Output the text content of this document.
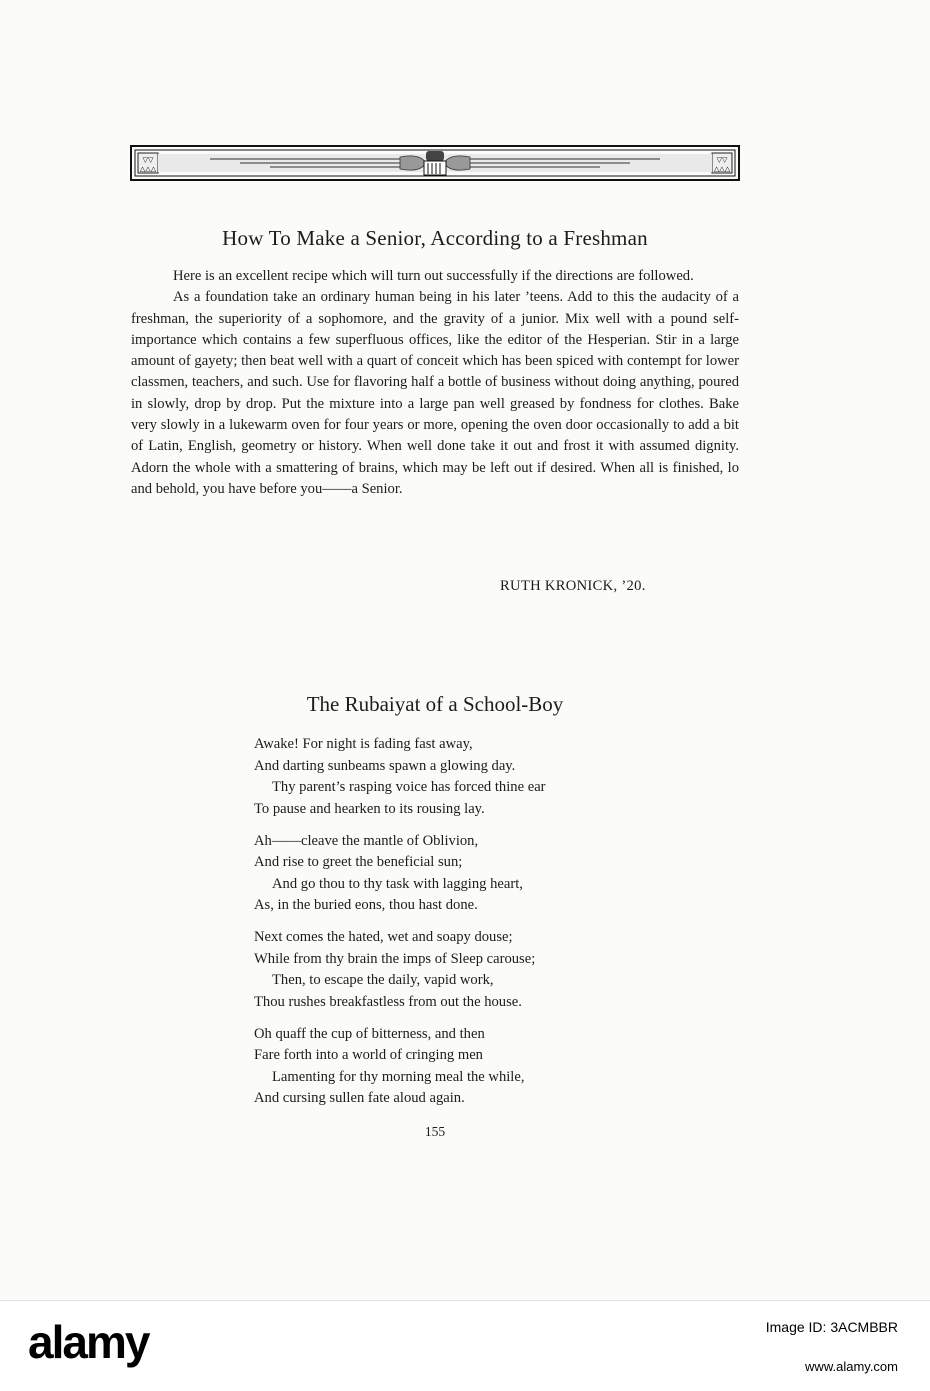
▽▽
△△△
▽▽
△△△
How To Make a Senior, According to a Freshman

Here is an excellent recipe which will turn out successfully if the directions are followed.

As a foundation take an ordinary human being in his later ’teens. Add to this the audacity of a freshman, the superiority of a sophomore, and the gravity of a junior. Mix well with a pound self-importance which contains a few superfluous offices, like the editor of the Hesperian. Stir in a large amount of gayety; then beat well with a quart of conceit which has been spiced with contempt for lower classmen, teachers, and such. Use for flavoring half a bottle of business without doing anything, poured in slowly, drop by drop. Put the mixture into a large pan well greased by fondness for clothes. Bake very slowly in a lukewarm oven for four years or more, opening the oven door occasionally to add a bit of Latin, English, geometry or history. When well done take it out and frost it with assumed dignity. Adorn the whole with a smattering of brains, which may be left out if desired. When all is finished, lo and behold, you have before you——a Senior.

RUTH KRONICK, ’20.
The Rubaiyat of a School-Boy
Awake! For night is fading fast away,
And darting sunbeams spawn a glowing day.
Thy parent’s rasping voice has forced thine ear
To pause and hearken to its rousing lay.
Ah——cleave the mantle of Oblivion,
And rise to greet the beneficial sun;
And go thou to thy task with lagging heart,
As, in the buried eons, thou hast done.
Next comes the hated, wet and soapy douse;
While from thy brain the imps of Sleep carouse;
Then, to escape the daily, vapid work,
Thou rushes breakfastless from out the house.
Oh quaff the cup of bitterness, and then
Fare forth into a world of cringing men
Lamenting for thy morning meal the while,
And cursing sullen fate aloud again.
155
alamy	Image ID: 3ACMBBR
www.alamy.com
